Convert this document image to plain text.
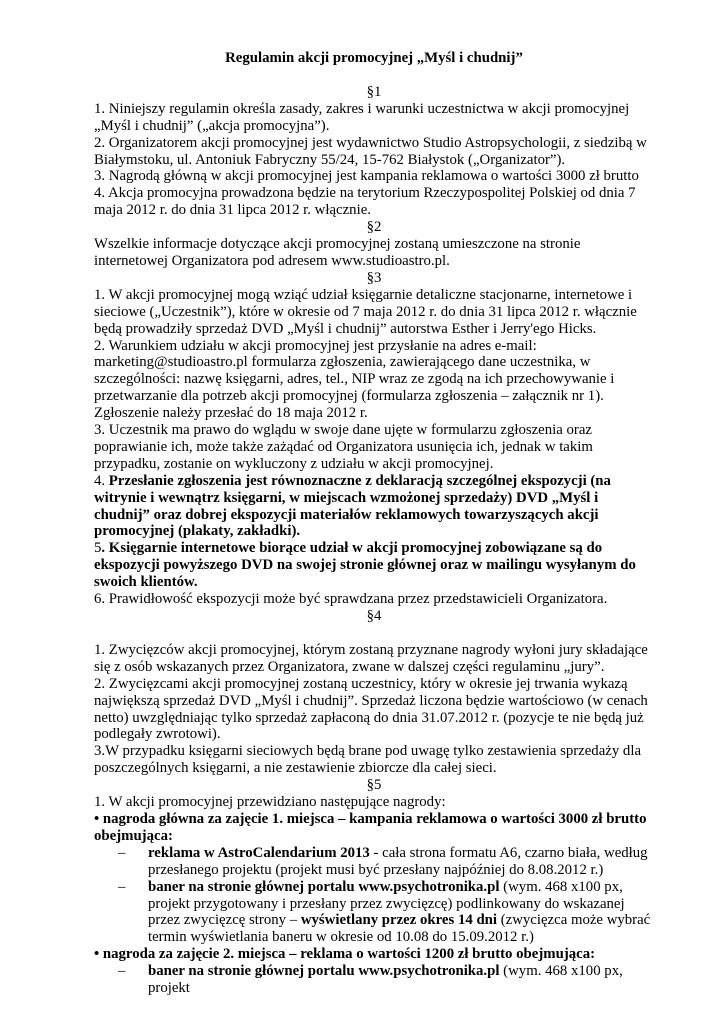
Regulamin akcji promocyjnej „Myśl i chudnij”

§1

1. Niniejszy regulamin określa zasady, zakres i warunki uczestnictwa w akcji promocyjnej „Myśl i chudnij” („akcja promocyjna”).

2. Organizatorem akcji promocyjnej jest wydawnictwo Studio Astropsychologii, z siedzibą w Białymstoku, ul. Antoniuk Fabryczny 55/24, 15-762 Białystok („Organizator”).

3. Nagrodą główną w akcji promocyjnej jest kampania reklamowa o wartości 3000 zł brutto

4. Akcja promocyjna prowadzona będzie na terytorium Rzeczypospolitej Polskiej od dnia 7 maja 2012 r. do dnia 31 lipca 2012 r. włącznie.

§2

Wszelkie informacje dotyczące akcji promocyjnej zostaną umieszczone na stronie internetowej Organizatora pod adresem www.studioastro.pl.

§3

1. W akcji promocyjnej mogą wziąć udział księgarnie detaliczne stacjonarne, internetowe i sieciowe („Uczestnik”), które w okresie od 7 maja 2012 r. do dnia 31 lipca 2012 r. włącznie będą prowadziły sprzedaż DVD „Myśl i chudnij” autorstwa Esther i Jerry'ego Hicks.

2. Warunkiem udziału w akcji promocyjnej jest przysłanie na adres e-mail: marketing@studioastro.pl formularza zgłoszenia, zawierającego dane uczestnika, w szczególności: nazwę księgarni, adres, tel., NIP wraz ze zgodą na ich przechowywanie i przetwarzanie dla potrzeb akcji promocyjnej (formularza zgłoszenia – załącznik nr 1). Zgłoszenie należy przesłać do 18 maja 2012 r.

3. Uczestnik ma prawo do wglądu w swoje dane ujęte w formularzu zgłoszenia oraz poprawianie ich, może także zażądać od Organizatora usunięcia ich, jednak w takim przypadku, zostanie on wykluczony z udziału w akcji promocyjnej.

4. Przesłanie zgłoszenia jest równoznaczne z deklaracją szczególnej ekspozycji (na witrynie i wewnątrz księgarni, w miejscach wzmożonej sprzedaży) DVD „Myśl i chudnij” oraz dobrej ekspozycji materiałów reklamowych towarzyszących akcji promocyjnej (plakaty, zakładki).

5. Księgarnie internetowe biorące udział w akcji promocyjnej zobowiązane są do ekspozycji powyższego DVD na swojej stronie głównej oraz w mailingu wysyłanym do swoich klientów.

6. Prawidłowość ekspozycji może być sprawdzana przez przedstawicieli Organizatora.

§4

1. Zwycięzców akcji promocyjnej, którym zostaną przyznane nagrody wyłoni jury składające się z osób wskazanych przez Organizatora, zwane w dalszej części regulaminu „jury”.

2. Zwycięzcami akcji promocyjnej zostaną uczestnicy, który w okresie jej trwania wykazą największą sprzedaż DVD „Myśl i chudnij”. Sprzedaż liczona będzie wartościowo (w cenach netto) uwzględniając tylko sprzedaż zapłaconą do dnia 31.07.2012 r. (pozycje te nie będą już podlegały zwrotowi).

3.W przypadku księgarni sieciowych będą brane pod uwagę tylko zestawienia sprzedaży dla poszczególnych księgarni, a nie zestawienie zbiorcze dla całej sieci.

§5

1. W akcji promocyjnej przewidziano następujące nagrody:

• nagroda główna za zajęcie 1. miejsca – kampania reklamowa o wartości 3000 zł brutto obejmująca:

– reklama w AstroCalendarium 2013 - cała strona formatu A6, czarno biała, według przesłanego projektu (projekt musi być przesłany najpóźniej do 8.08.2012 r.)

– baner na stronie głównej portalu www.psychotronika.pl (wym. 468 x100 px, projekt przygotowany i przesłany przez zwycięzcę) podlinkowany do wskazanej przez zwycięzcę strony – wyświetlany przez okres 14 dni (zwycięzca może wybrać termin wyświetlania baneru w okresie od 10.08 do 15.09.2012 r.)

• nagroda za zajęcie 2. miejsca – reklama o wartości 1200 zł brutto obejmująca:

– baner na stronie głównej portalu www.psychotronika.pl (wym. 468 x100 px, projekt
